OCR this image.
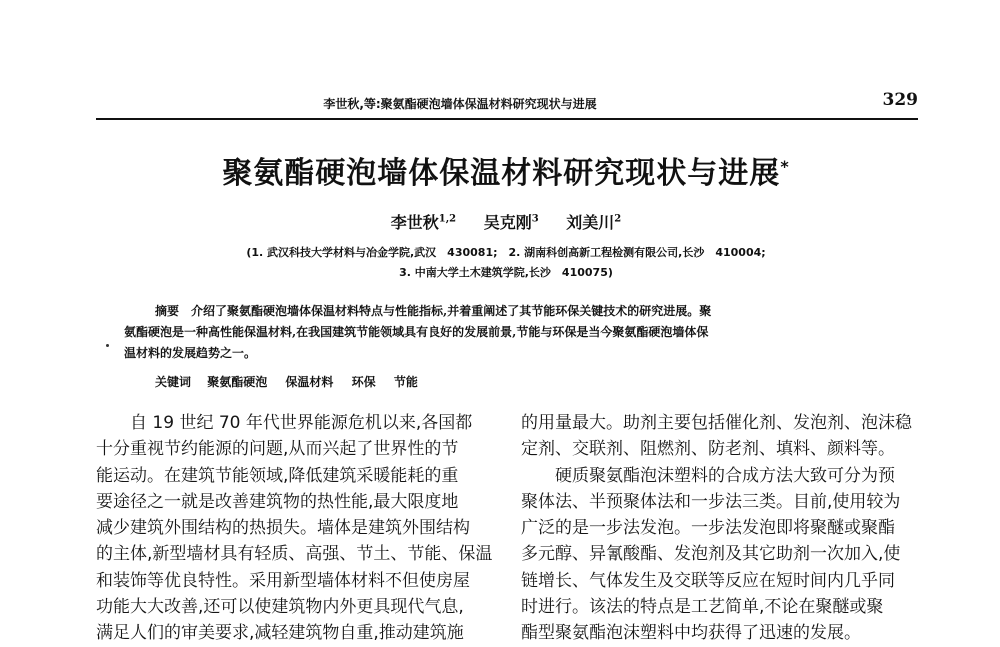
李世秋,等:聚氨酯硬泡墙体保温材料研究现状与进展	329
聚氨酯硬泡墙体保温材料研究现状与进展*
李世秋$^{1,2}$ 吴克刚$^3$ 刘美川$^2$
(1. 武汉科技大学材料与冶金学院,武汉　430081;　2. 湖南科创高新工程检测有限公司,长沙　410004;
3. 中南大学土木建筑学院,长沙　410075)
摘要 介绍了聚氨酯硬泡墙体保温材料特点与性能指标,并着重阐述了其节能环保关键技术的研究进展。聚
氨酯硬泡是一种高性能保温材料,在我国建筑节能领域具有良好的发展前景,节能与环保是当今聚氨酯硬泡墙体保
温材料的发展趋势之一。
关键词 聚氨酯硬泡 保温材料 环保 节能
自 19 世纪 70 年代世界能源危机以来,各国都
十分重视节约能源的问题,从而兴起了世界性的节
能运动。在建筑节能领域,降低建筑采暖能耗的重
要途径之一就是改善建筑物的热性能,最大限度地
减少建筑外围结构的热损失。墙体是建筑外围结构
的主体,新型墙材具有轻质、高强、节土、节能、保温
和装饰等优良特性。采用新型墙体材料不但使房屋
功能大大改善,还可以使建筑物内外更具现代气息,
满足人们的审美要求,减轻建筑物自重,推动建筑施
的用量最大。助剂主要包括催化剂、发泡剂、泡沫稳
定剂、交联剂、阻燃剂、防老剂、填料、颜料等。
硬质聚氨酯泡沫塑料的合成方法大致可分为预
聚体法、半预聚体法和一步法三类。目前,使用较为
广泛的是一步法发泡。一步法发泡即将聚醚或聚酯
多元醇、异氰酸酯、发泡剂及其它助剂一次加入,使
链增长、气体发生及交联等反应在短时间内几乎同
时进行。该法的特点是工艺简单,不论在聚醚或聚
酯型聚氨酯泡沫塑料中均获得了迅速的发展。
